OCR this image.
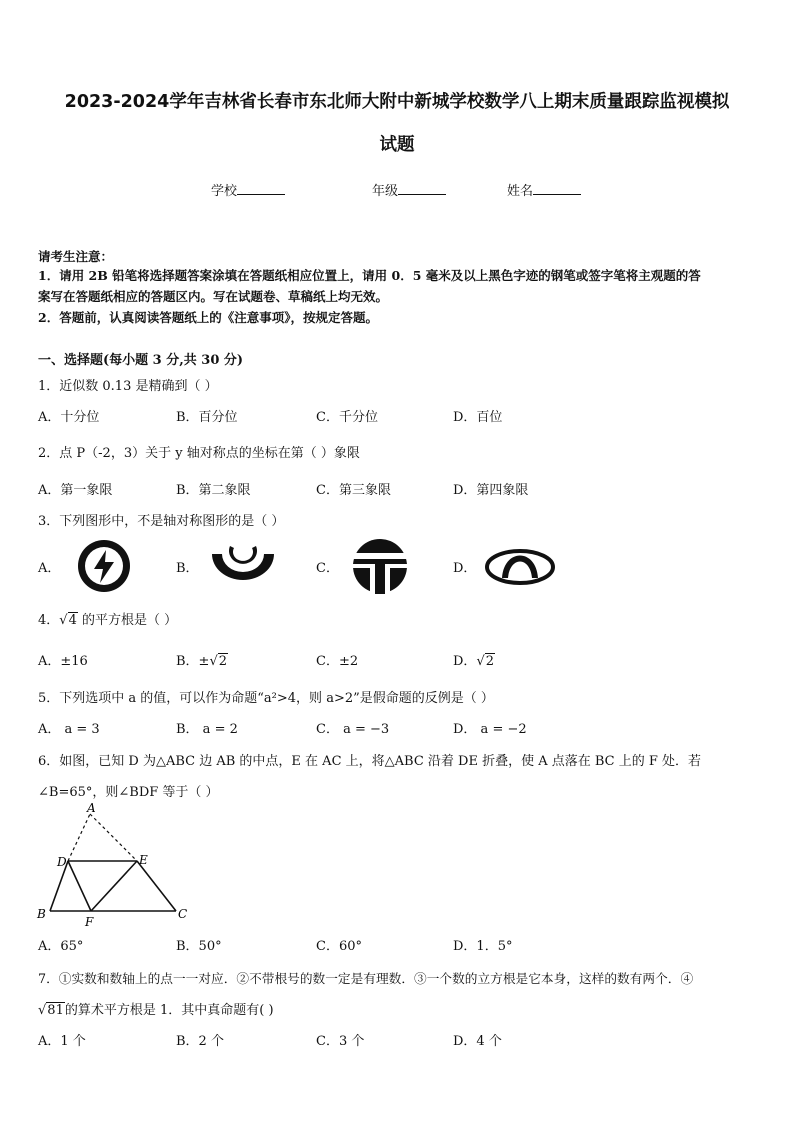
2023-2024学年吉林省长春市东北师大附中新城学校数学八上期末质量跟踪监视模拟
试题
学校	年级	姓名
请考生注意：
1．请用 2B 铅笔将选择题答案涂填在答题纸相应位置上，请用 0．5 毫米及以上黑色字迹的钢笔或签字笔将主观题的答
案写在答题纸相应的答题区内。写在试题卷、草稿纸上均无效。
2．答题前，认真阅读答题纸上的《注意事项》，按规定答题。
一、选择题(每小题 3 分,共 30 分)
1．近似数 0.13 是精确到（ ）
A．十分位	B．百分位	C．千分位	D．百位
2．点 P（-2，3）关于 y 轴对称点的坐标在第（ ）象限
A．第一象限	B．第二象限	C．第三象限	D．第四象限
3．下列图形中，不是轴对称图形的是（ ）
A．	B．	C．	D．
4．√4 的平方根是（ ）
A．±16	B．±√2	C．±2	D．√2
5．下列选项中 a 的值，可以作为命题“a²>4，则 a>2”是假命题的反例是（ ）
A． a = 3	B． a = 2	C． a = −3	D． a = −2
6．如图，已知 D 为△ABC 边 AB 的中点，E 在 AC 上，将△ABC 沿着 DE 折叠，使 A 点落在 BC 上的 F 处．若
∠B=65°，则∠BDF 等于（ ）
A
B	C
D	E
F
A．65°	B．50°	C．60°	D．1．5°
7．①实数和数轴上的点一一对应．②不带根号的数一定是有理数．③一个数的立方根是它本身，这样的数有两个．④
√81的算术平方根是 1．其中真命题有( )
A．1 个	B．2 个	C．3 个	D．4 个
